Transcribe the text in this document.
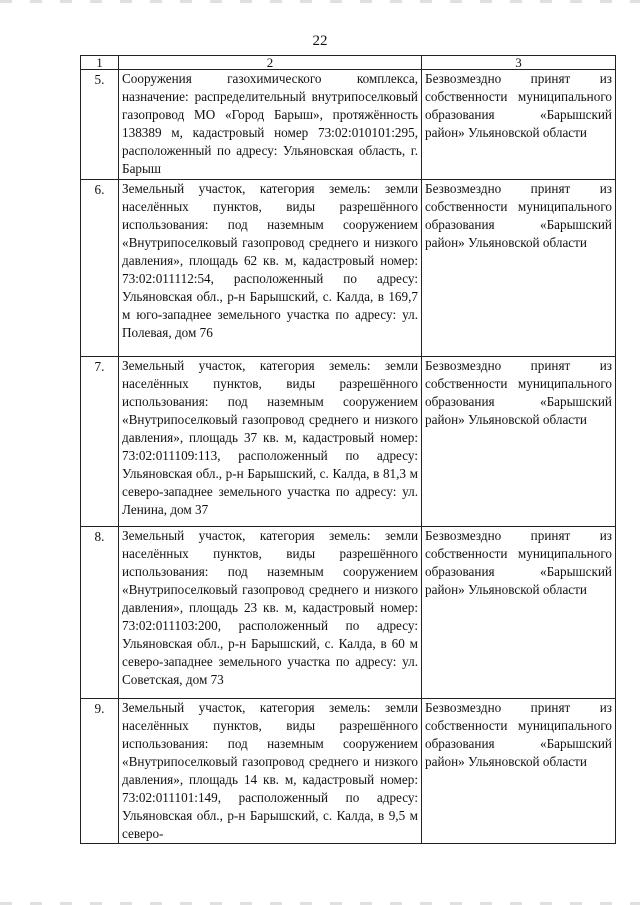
22
1	2	3
5.	Сооружения газохимического комплекса, назначение: распределительный внутрипоселковый газопровод МО «Город Барыш», протяжённость 138389 м, кадастровый номер 73:02:010101:295, расположенный по адресу: Ульяновская область, г. Барыш	Безвозмездно принят из собственности муниципального образования «Барышский район» Ульяновской области
6.	Земельный участок, категория земель: земли населённых пунктов, виды разрешённого использования: под наземным сооружением «Внутрипоселковый газопровод среднего и низкого давления», площадь 62 кв. м, кадастровый номер: 73:02:011112:54, расположенный по адресу: Ульяновская обл., р-н Барышский, с. Калда, в 169,7 м юго-западнее земельного участка по адресу: ул. Полевая, дом 76	Безвозмездно принят из собственности муниципального образования «Барышский район» Ульяновской области
7.	Земельный участок, категория земель: земли населённых пунктов, виды разрешённого использования: под наземным сооружением «Внутрипоселковый газопровод среднего и низкого давления», площадь 37 кв. м, кадастровый номер: 73:02:011109:113, расположенный по адресу: Ульяновская обл., р-н Барышский, с. Калда, в 81,3 м северо-западнее земельного участка по адресу: ул. Ленина, дом 37	Безвозмездно принят из собственности муниципального образования «Барышский район» Ульяновской области
8.	Земельный участок, категория земель: земли населённых пунктов, виды разрешённого использования: под наземным сооружением «Внутрипоселковый газопровод среднего и низкого давления», площадь 23 кв. м, кадастровый номер: 73:02:011103:200, расположенный по адресу: Ульяновская обл., р-н Барышский, с. Калда, в 60 м северо-западнее земельного участка по адресу: ул. Советская, дом 73	Безвозмездно принят из собственности муниципального образования «Барышский район» Ульяновской области
9.	Земельный участок, категория земель: земли населённых пунктов, виды разрешённого использования: под наземным сооружением «Внутрипоселковый газопровод среднего и низкого давления», площадь 14 кв. м, кадастровый номер: 73:02:011101:149, расположенный по адресу: Ульяновская обл., р-н Барышский, с. Калда, в 9,5 м северо-	Безвозмездно принят из собственности муниципального образования «Барышский район» Ульяновской области
